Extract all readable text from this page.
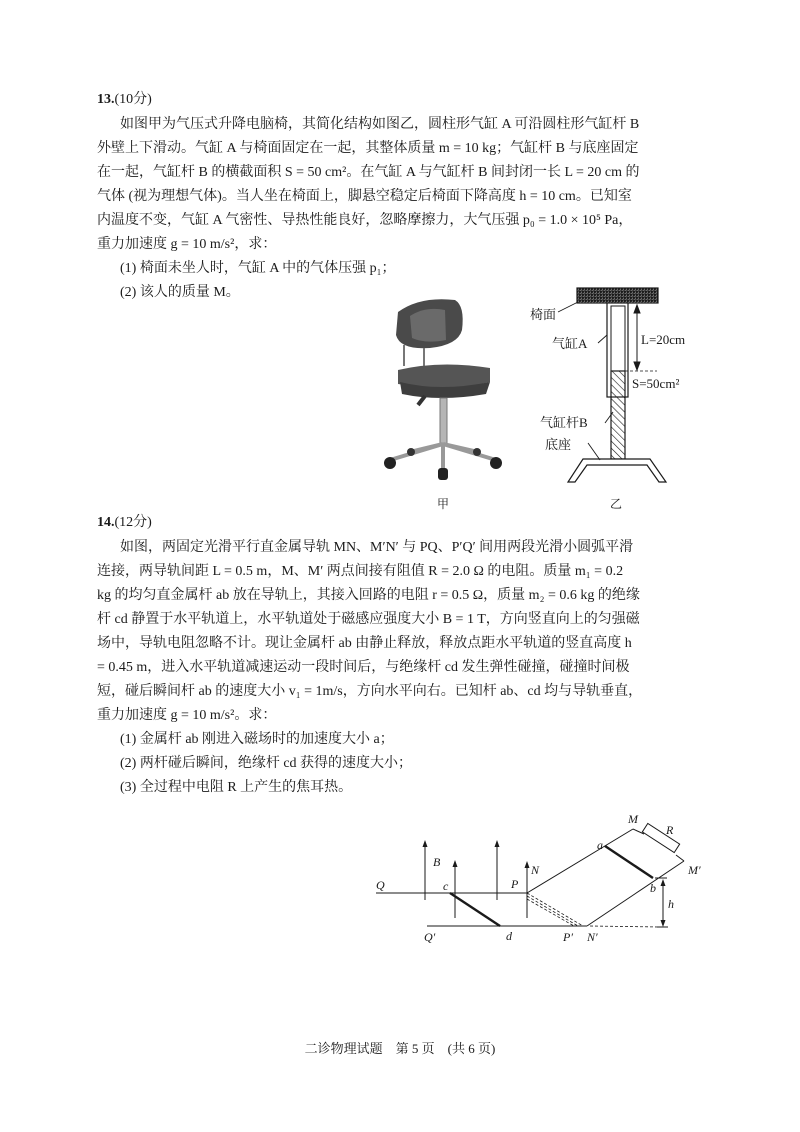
13.(10分)
如图甲为气压式升降电脑椅，其简化结构如图乙，圆柱形气缸 A 可沿圆柱形气缸杆 B
外壁上下滑动。气缸 A 与椅面固定在一起，其整体质量 m = 10 kg；气缸杆 B 与底座固定
在一起，气缸杆 B 的横截面积 S = 50 cm²。在气缸 A 与气缸杆 B 间封闭一长 L = 20 cm 的
气体 (视为理想气体)。当人坐在椅面上，脚悬空稳定后椅面下降高度 h = 10 cm。已知室
内温度不变，气缸 A 气密性、导热性能良好，忽略摩擦力，大气压强 p₀ = 1.0 × 10⁵ Pa，
重力加速度 g = 10 m/s²，求：
(1) 椅面未坐人时，气缸 A 中的气体压强 p₁；
(2) 该人的质量 M。
甲
椅面
气缸A	L=20cm
S=50cm²
气缸杆B
底座
乙
14.(12分)
如图，两固定光滑平行直金属导轨 MN、M′N′ 与 PQ、P′Q′ 间用两段光滑小圆弧平滑
连接，两导轨间距 L = 0.5 m，M、M′ 两点间接有阻值 R = 2.0 Ω 的电阻。质量 m₁ = 0.2
kg 的均匀直金属杆 ab 放在导轨上，其接入回路的电阻 r = 0.5 Ω，质量 m₂ = 0.6 kg 的绝缘
杆 cd 静置于水平轨道上，水平轨道处于磁感应强度大小 B = 1 T，方向竖直向上的匀强磁
场中，导轨电阻忽略不计。现让金属杆 ab 由静止释放，释放点距水平轨道的竖直高度 h
= 0.45 m，进入水平轨道减速运动一段时间后，与绝缘杆 cd 发生弹性碰撞，碰撞时间极
短，碰后瞬间杆 ab 的速度大小 v₁ = 1m/s，方向水平向右。已知杆 ab、cd 均与导轨垂直，
重力加速度 g = 10 m/s²。求：
(1) 金属杆 ab 刚进入磁场时的加速度大小 a；
(2) 两杆碰后瞬间，绝缘杆 cd 获得的速度大小；
(3) 全过程中电阻 R 上产生的焦耳热。
M
R
M′
a
b
h
Q
B
c	P
N
Q′	d	P′ N′
二诊物理试题　第 5 页　(共 6 页)
